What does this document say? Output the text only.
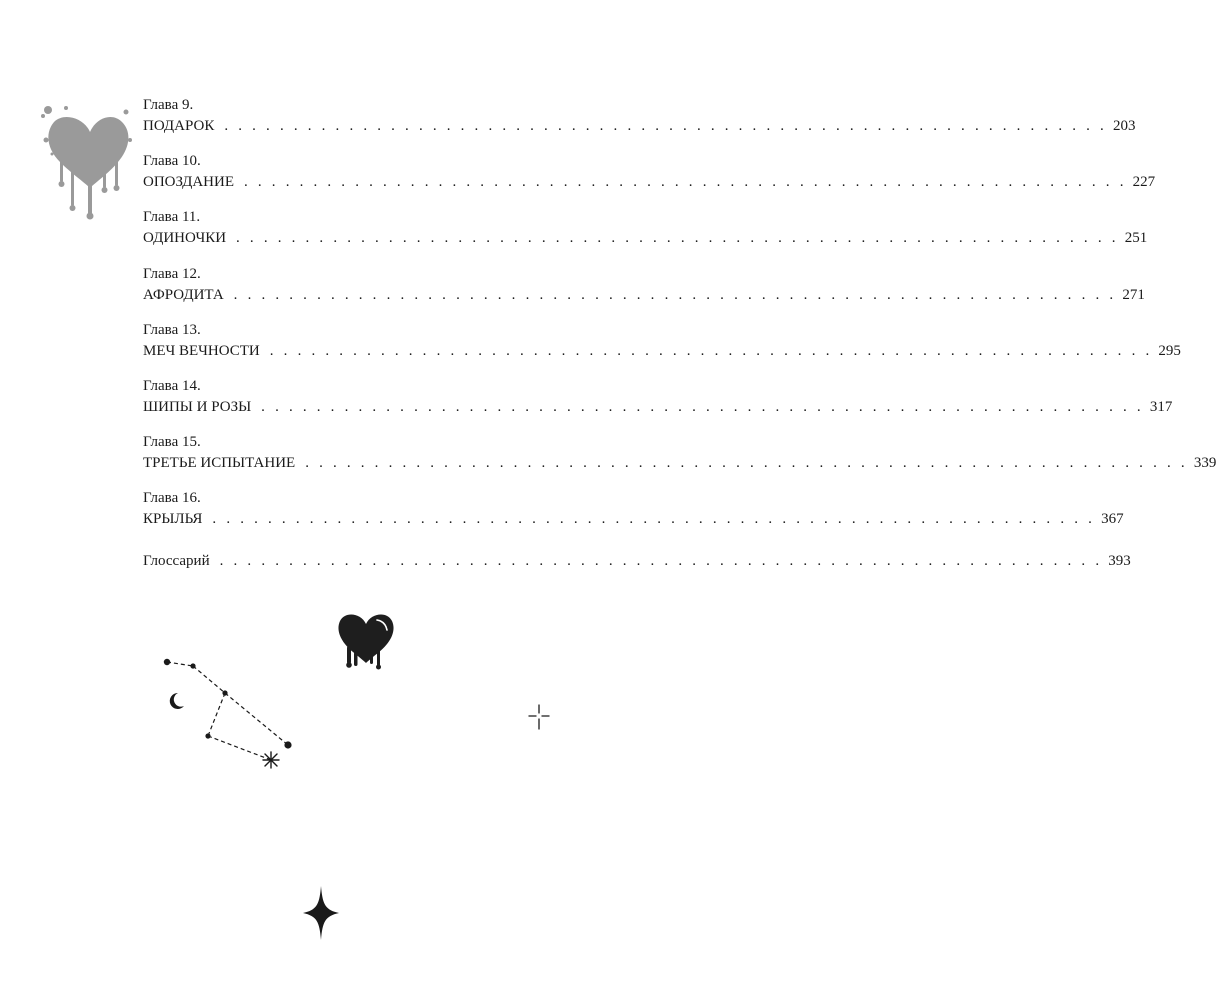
Глава 9.
ПОДАРОК . . . . . . . . . . . . . . . . . . . . . . . . . . . . . . . . . . . . . . . . . . . . . . . . . . . . . . . . . . . . . . . . 203
Глава 10.
ОПОЗДАНИЕ . . . . . . . . . . . . . . . . . . . . . . . . . . . . . . . . . . . . . . . . . . . . . . . . . . . . . . . . . . . . . . . . 227
Глава 11.
ОДИНОЧКИ . . . . . . . . . . . . . . . . . . . . . . . . . . . . . . . . . . . . . . . . . . . . . . . . . . . . . . . . . . . . . . . . 251
Глава 12.
АФРОДИТА . . . . . . . . . . . . . . . . . . . . . . . . . . . . . . . . . . . . . . . . . . . . . . . . . . . . . . . . . . . . . . . . 271
Глава 13.
МЕЧ ВЕЧНОСТИ . . . . . . . . . . . . . . . . . . . . . . . . . . . . . . . . . . . . . . . . . . . . . . . . . . . . . . . . . . . . . . . . 295
Глава 14.
ШИПЫ И РОЗЫ . . . . . . . . . . . . . . . . . . . . . . . . . . . . . . . . . . . . . . . . . . . . . . . . . . . . . . . . . . . . . . . . 317
Глава 15.
ТРЕТЬЕ ИСПЫТАНИЕ . . . . . . . . . . . . . . . . . . . . . . . . . . . . . . . . . . . . . . . . . . . . . . . . . . . . . . . . . . . . . . . . 339
Глава 16.
КРЫЛЬЯ . . . . . . . . . . . . . . . . . . . . . . . . . . . . . . . . . . . . . . . . . . . . . . . . . . . . . . . . . . . . . . . . 367
Глоссарий . . . . . . . . . . . . . . . . . . . . . . . . . . . . . . . . . . . . . . . . . . . . . . . . . . . . . . . . . . . . . . . . 393
